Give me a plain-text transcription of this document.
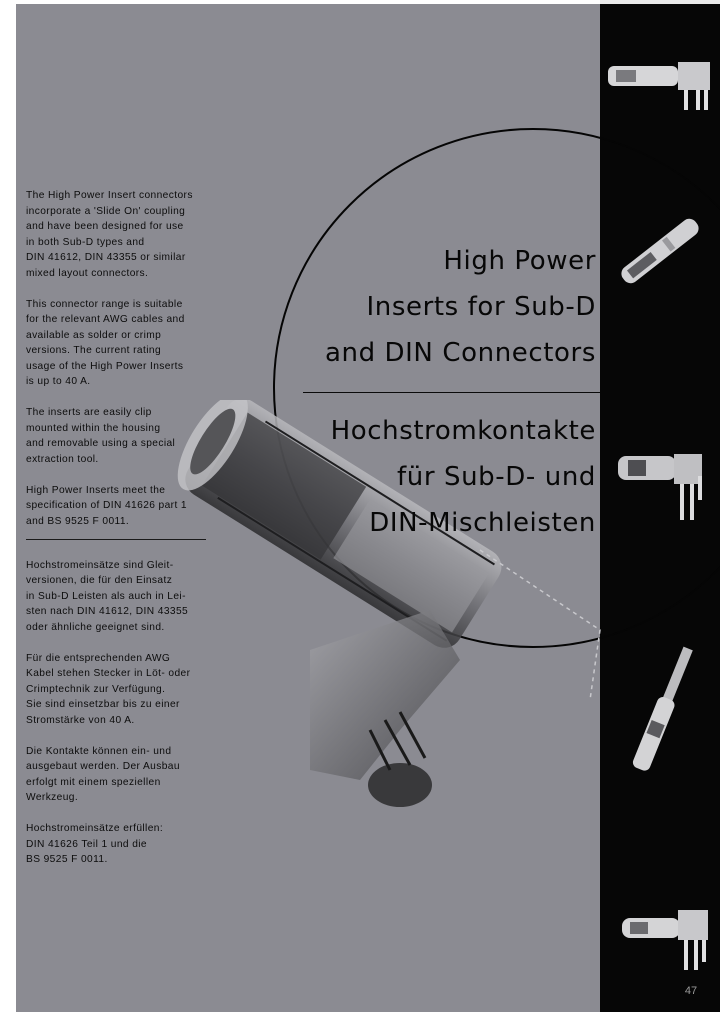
High Power
Inserts for Sub-D
and DIN Connectors
Hochstromkontakte
für Sub-D- und
DIN-Mischleisten
The High Power Insert connectors
incorporate a 'Slide On' coupling
and have been designed for use
in both Sub-D types and
DIN 41612, DIN 43355 or similar
mixed layout connectors.
This connector range is suitable
for the relevant AWG cables and
available as solder or crimp
versions. The current rating
usage of the High Power Inserts
is up to 40 A.
The inserts are easily clip
mounted within the housing
and removable using a special
extraction tool.
High Power Inserts meet the
specification of DIN 41626 part 1
and BS 9525 F 0011.
Hochstromeinsätze sind Gleit-
versionen, die für den Einsatz
in Sub-D Leisten als auch in Lei-
sten nach DIN 41612, DIN 43355
oder ähnliche geeignet sind.
Für die entsprechenden AWG
Kabel stehen Stecker in Löt- oder
Crimptechnik zur Verfügung.
Sie sind einsetzbar bis zu einer
Stromstärke von 40 A.
Die Kontakte können ein- und
ausgebaut werden. Der Ausbau
erfolgt mit einem speziellen
Werkzeug.
Hochstromeinsätze erfüllen:
DIN 41626 Teil 1 und die
BS 9525 F 0011.
47
